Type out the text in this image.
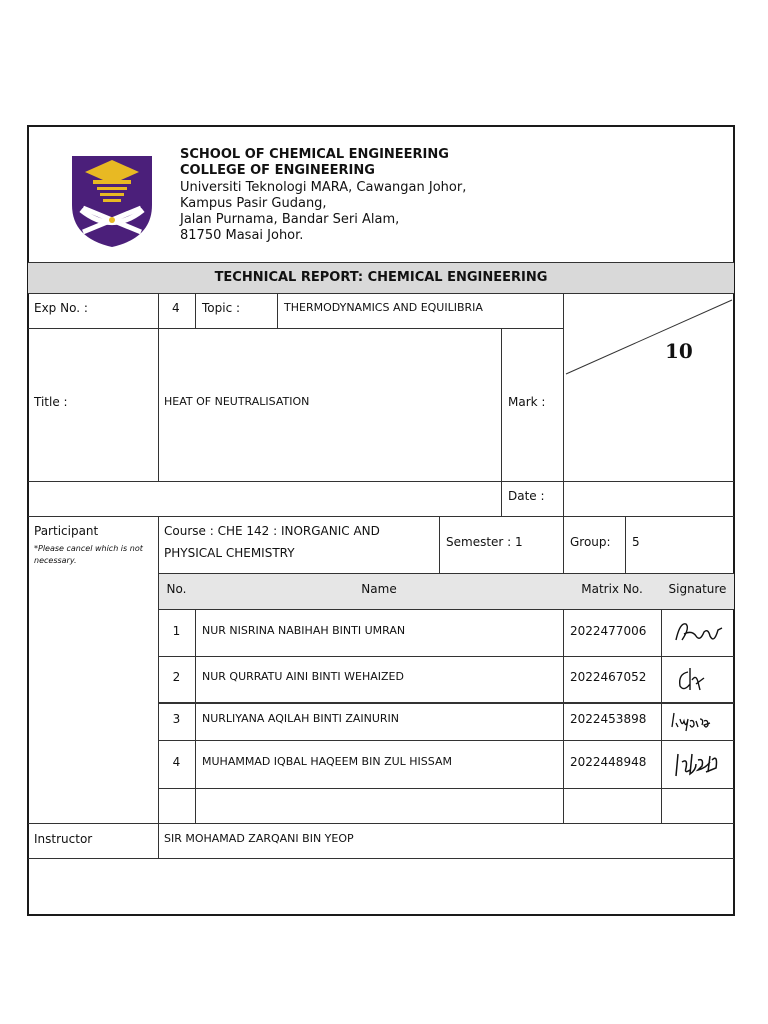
SCHOOL OF CHEMICAL ENGINEERING
COLLEGE OF ENGINEERING
Universiti Teknologi MARA, Cawangan Johor,
Kampus Pasir Gudang,
Jalan Purnama, Bandar Seri Alam,
81750 Masai Johor.
TECHNICAL REPORT: CHEMICAL ENGINEERING
Exp No. :	4 Topic :	THERMODYNAMICS AND EQUILIBRIA
10
Title :	HEAT OF NEUTRALISATION	Mark :
Date :
Participant
*Please cancel which is not necessary.
Course : CHE 142 : INORGANIC AND
PHYSICAL CHEMISTRY
Semester : 1	Group: 5
No.	Name	Matrix No.	Signature
1	NUR NISRINA NABIHAH BINTI UMRAN	2022477006
2	NUR QURRATU AINI BINTI WEHAIZED	2022467052
3	NURLIYANA AQILAH BINTI ZAINURIN	2022453898
4	MUHAMMAD IQBAL HAQEEM BIN ZUL HISSAM	2022448948
Instructor	SIR MOHAMAD ZARQANI BIN YEOP
